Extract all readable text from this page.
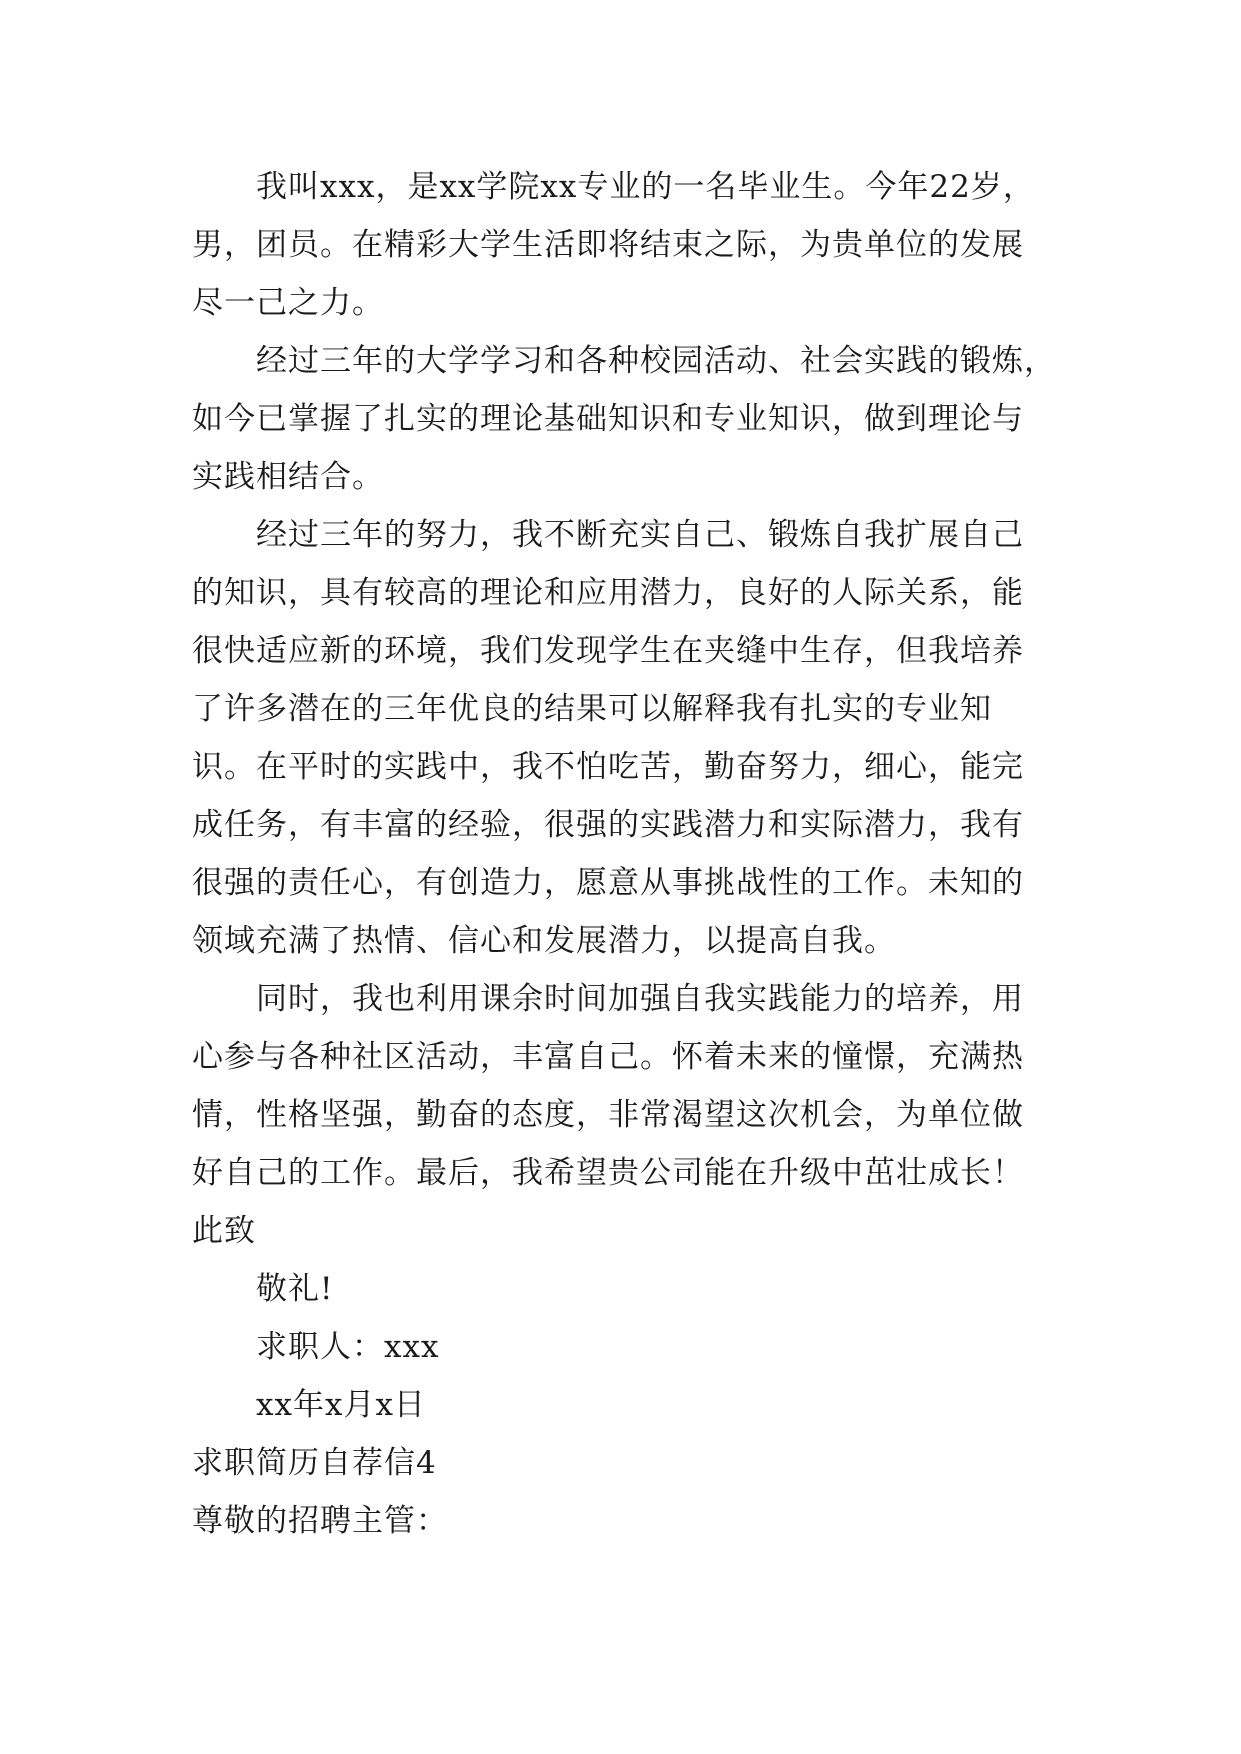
我叫xxx，是xx学院xx专业的一名毕业生。今年22岁，
男，团员。在精彩大学生活即将结束之际，为贵单位的发展
尽一己之力。
经过三年的大学学习和各种校园活动、社会实践的锻炼，
如今已掌握了扎实的理论基础知识和专业知识，做到理论与
实践相结合。
经过三年的努力，我不断充实自己、锻炼自我扩展自己
的知识，具有较高的理论和应用潜力，良好的人际关系，能
很快适应新的环境，我们发现学生在夹缝中生存，但我培养
了许多潜在的三年优良的结果可以解释我有扎实的专业知
识。在平时的实践中，我不怕吃苦，勤奋努力，细心，能完
成任务，有丰富的经验，很强的实践潜力和实际潜力，我有
很强的责任心，有创造力，愿意从事挑战性的工作。未知的
领域充满了热情、信心和发展潜力，以提高自我。
同时，我也利用课余时间加强自我实践能力的培养，用
心参与各种社区活动，丰富自己。怀着未来的憧憬，充满热
情，性格坚强，勤奋的态度，非常渴望这次机会，为单位做
好自己的工作。最后，我希望贵公司能在升级中茁壮成长！
此致
敬礼!
求职人：xxx
xx年x月x日
求职简历自荐信4
尊敬的招聘主管：
